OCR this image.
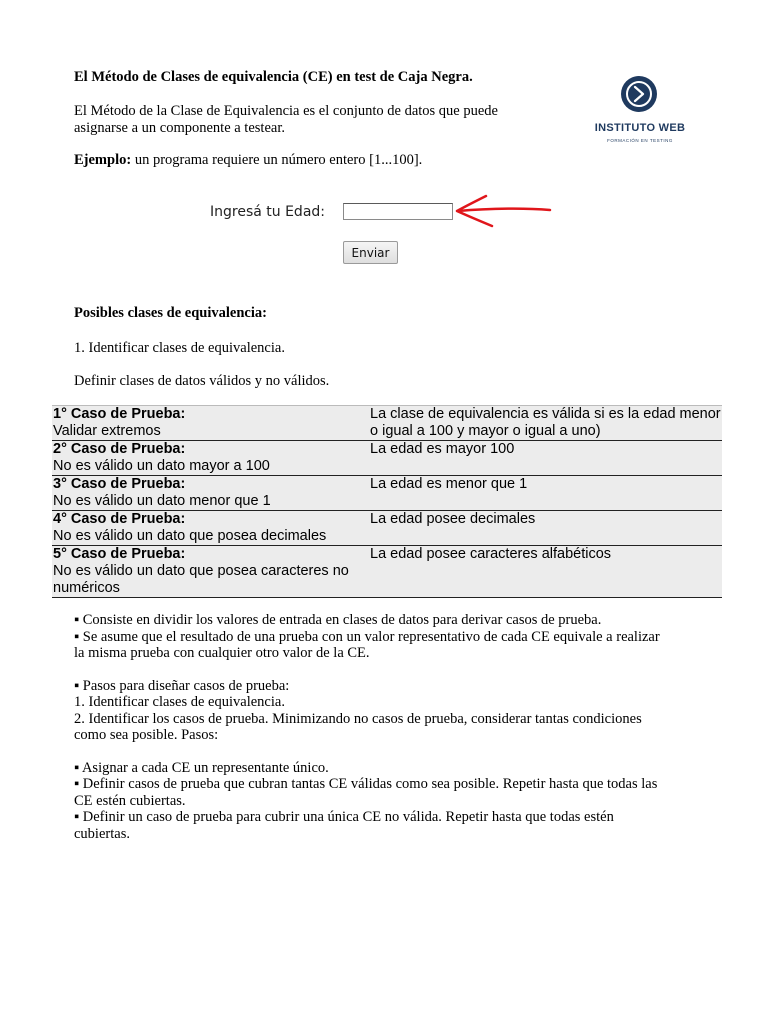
El Método de Clases de equivalencia (CE) en test de Caja Negra.
El Método de la Clase de Equivalencia es el conjunto de datos que puede asignarse a un componente a testear.
Ejemplo: un programa requiere un número entero [1...100].
INSTITUTO WEB
FORMACIÓN EN TESTING
Ingresá tu Edad:
Enviar
Posibles clases de equivalencia:
1. Identificar clases de equivalencia.
Definir clases de datos válidos y no válidos.
1° Caso de Prueba:
Validar extremos	La clase de equivalencia es válida si es la edad menor o igual a 100 y mayor o igual a uno)

2° Caso de Prueba:
No es válido un dato mayor a 100	La edad es mayor 100

3° Caso de Prueba:
No es válido un dato menor que 1	La edad es menor que 1

4° Caso de Prueba:
No es válido un dato que posea decimales	La edad posee decimales

5° Caso de Prueba:
No es válido un dato que posea caracteres no numéricos	La edad posee caracteres alfabéticos

▪ Consiste en dividir los valores de entrada en clases de datos para derivar casos de prueba.

▪ Se asume que el resultado de una prueba con un valor representativo de cada CE equivale a realizar la misma prueba con cualquier otro valor de la CE.

▪ Pasos para diseñar casos de prueba:

1. Identificar clases de equivalencia.

2. Identificar los casos de prueba. Minimizando no casos de prueba, considerar tantas condiciones como sea posible. Pasos:

▪ Asignar a cada CE un representante único.

▪ Definir casos de prueba que cubran tantas CE válidas como sea posible. Repetir hasta que todas las CE estén cubiertas.

▪ Definir un caso de prueba para cubrir una única CE no válida. Repetir hasta que todas estén cubiertas.
